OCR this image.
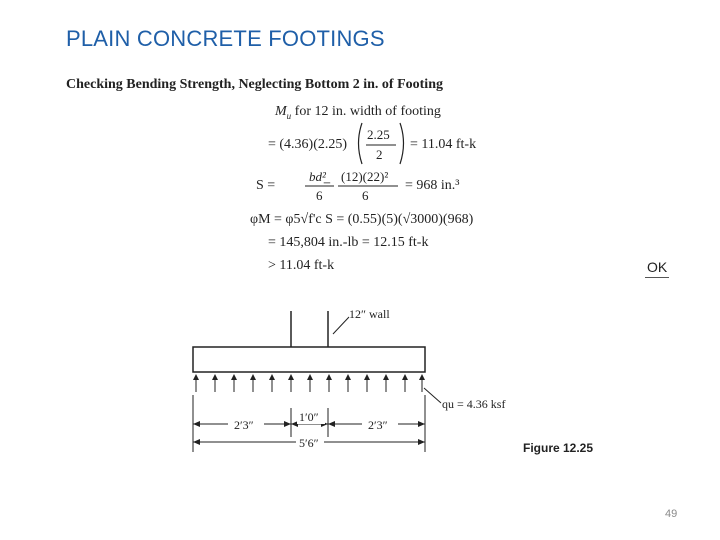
PLAIN CONCRETE FOOTINGS
Checking Bending Strength, Neglecting Bottom 2 in. of Footing
$M_u$ for 12 in. width of footing
= (4.36)(2.25)
2.25
2
= 11.04 ft-k
S =
bd²
6
=
(12)(22)²
6
= 968 in.³
φM = φ5√f'c S = (0.55)(5)(√3000)(968)
= 145,804 in.-lb = 12.15 ft-k
> 11.04 ft-k	OK
12″ wall
qu = 4.36 ksf
2′3″
1′0″
2′3″
5′6″	Figure 12.25
49
